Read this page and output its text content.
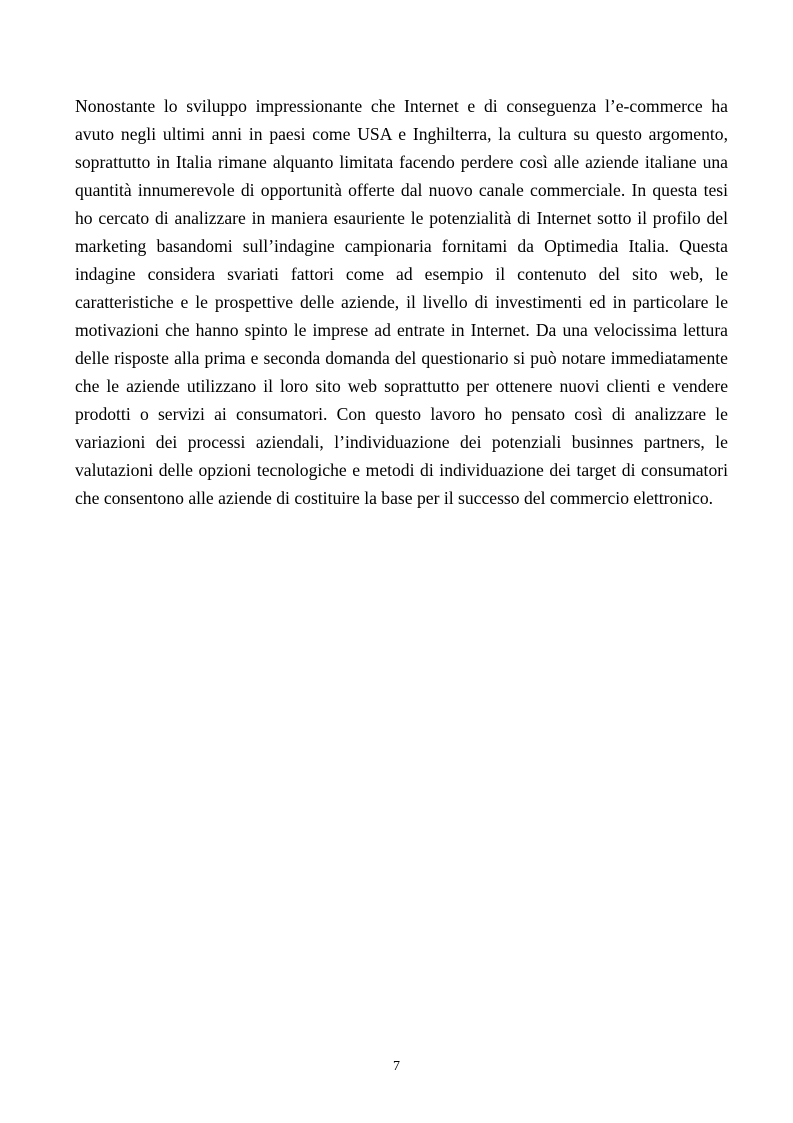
Nonostante lo sviluppo impressionante che Internet e di conseguenza l’e-commerce ha avuto negli ultimi anni in paesi come USA e Inghilterra, la cultura su questo argomento, soprattutto in Italia rimane alquanto limitata facendo perdere così alle aziende italiane una quantità innumerevole di opportunità offerte dal nuovo canale commerciale. In questa tesi ho cercato di analizzare in maniera esauriente le potenzialità di Internet sotto il profilo del marketing basandomi sull’indagine campionaria fornitami da Optimedia Italia. Questa indagine considera svariati fattori come ad esempio il contenuto del sito web, le caratteristiche e le prospettive delle aziende, il livello di investimenti ed in particolare le motivazioni che hanno spinto le imprese ad entrate in Internet. Da una velocissima lettura delle risposte alla prima e seconda domanda del questionario si può notare immediatamente che le aziende utilizzano il loro sito web soprattutto per ottenere nuovi clienti e vendere prodotti o servizi ai consumatori. Con questo lavoro ho pensato così di analizzare le variazioni dei processi aziendali, l’individuazione dei potenziali businnes partners, le valutazioni delle opzioni tecnologiche e metodi di individuazione dei target di consumatori che consentono alle aziende di costituire la base per il successo del commercio elettronico.

7
